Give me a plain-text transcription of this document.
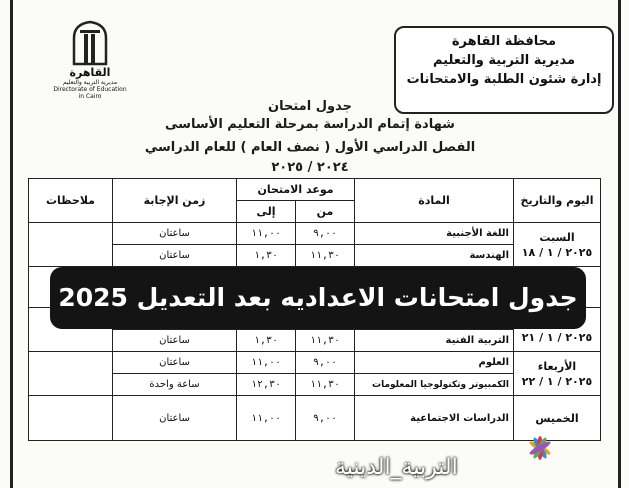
محافظة القاهرة
مديرية التربية والتعليم
إدارة شئون الطلبة والامتحانات
القاهرة
مديرية التربية والتعليم
Directorate of Education in Cairo
جدول امتحان
شهادة إتمام الدراسة بمرحلة التعليم الأساسى
الفصل الدراسي الأول ( نصف العام ) للعام الدراسي ٢٠٢٤ / ٢٠٢٥
اليوم والتاريخ	المادة	موعد الامتحان		زمن الإجابة	ملاحظات
		من	إلى		

السبت
٢٠٢٥ / ١ / ١٨	اللغة الأجنبية	٩,٠٠	١١,٠٠	ساعتان	
	الهندسة	١١,٣٠	١,٣٠	ساعتان	

٢٠٢٥ / ١ / ٢١

	التربية الفنية	١١,٣٠	١,٣٠	ساعتان	

الأربعاء
٢٠٢٥ / ١ / ٢٢	العلوم	٩,٠٠	١١,٠٠	ساعتان	
	الكمبيوتر وتكنولوجيا المعلومات	١١,٣٠	١٢,٣٠	ساعة واحدة	

الخميس	الدراسات الاجتماعية	٩,٠٠	١١,٠٠	ساعتان	
جدول امتحانات الاعداديه بعد التعديل 2025
التربية_الدينية
